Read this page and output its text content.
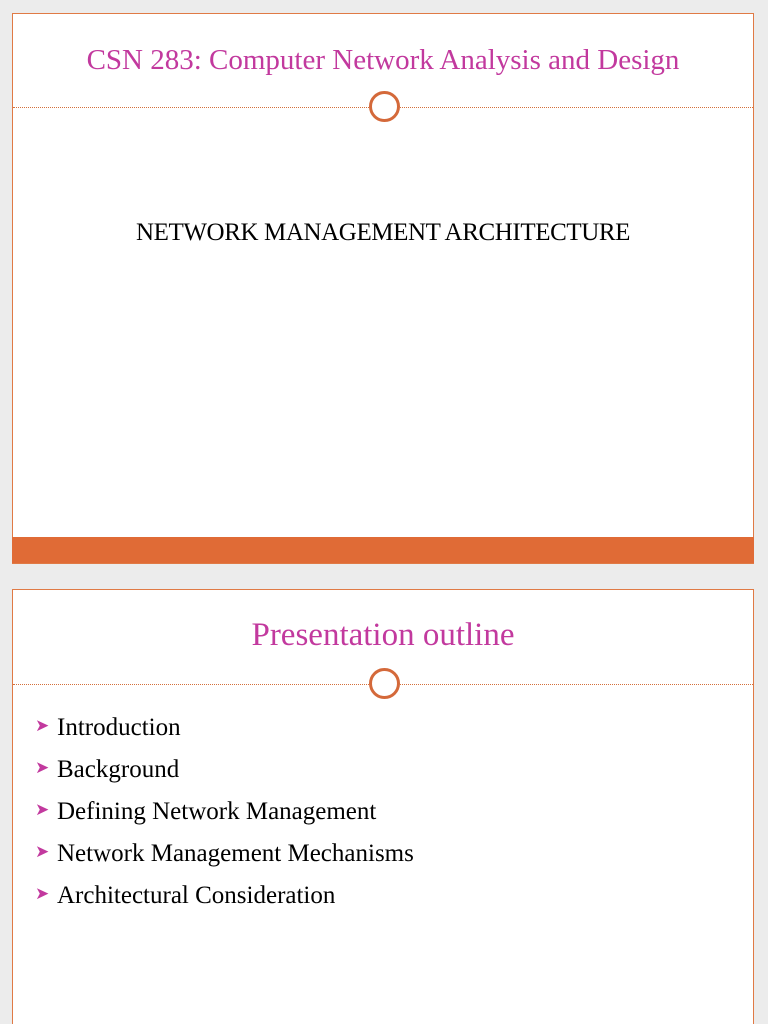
CSN 283: Computer Network Analysis and Design
NETWORK MANAGEMENT ARCHITECTURE
Presentation outline
➤ Introduction
➤ Background
➤ Defining Network Management
➤ Network Management Mechanisms
➤ Architectural Consideration
